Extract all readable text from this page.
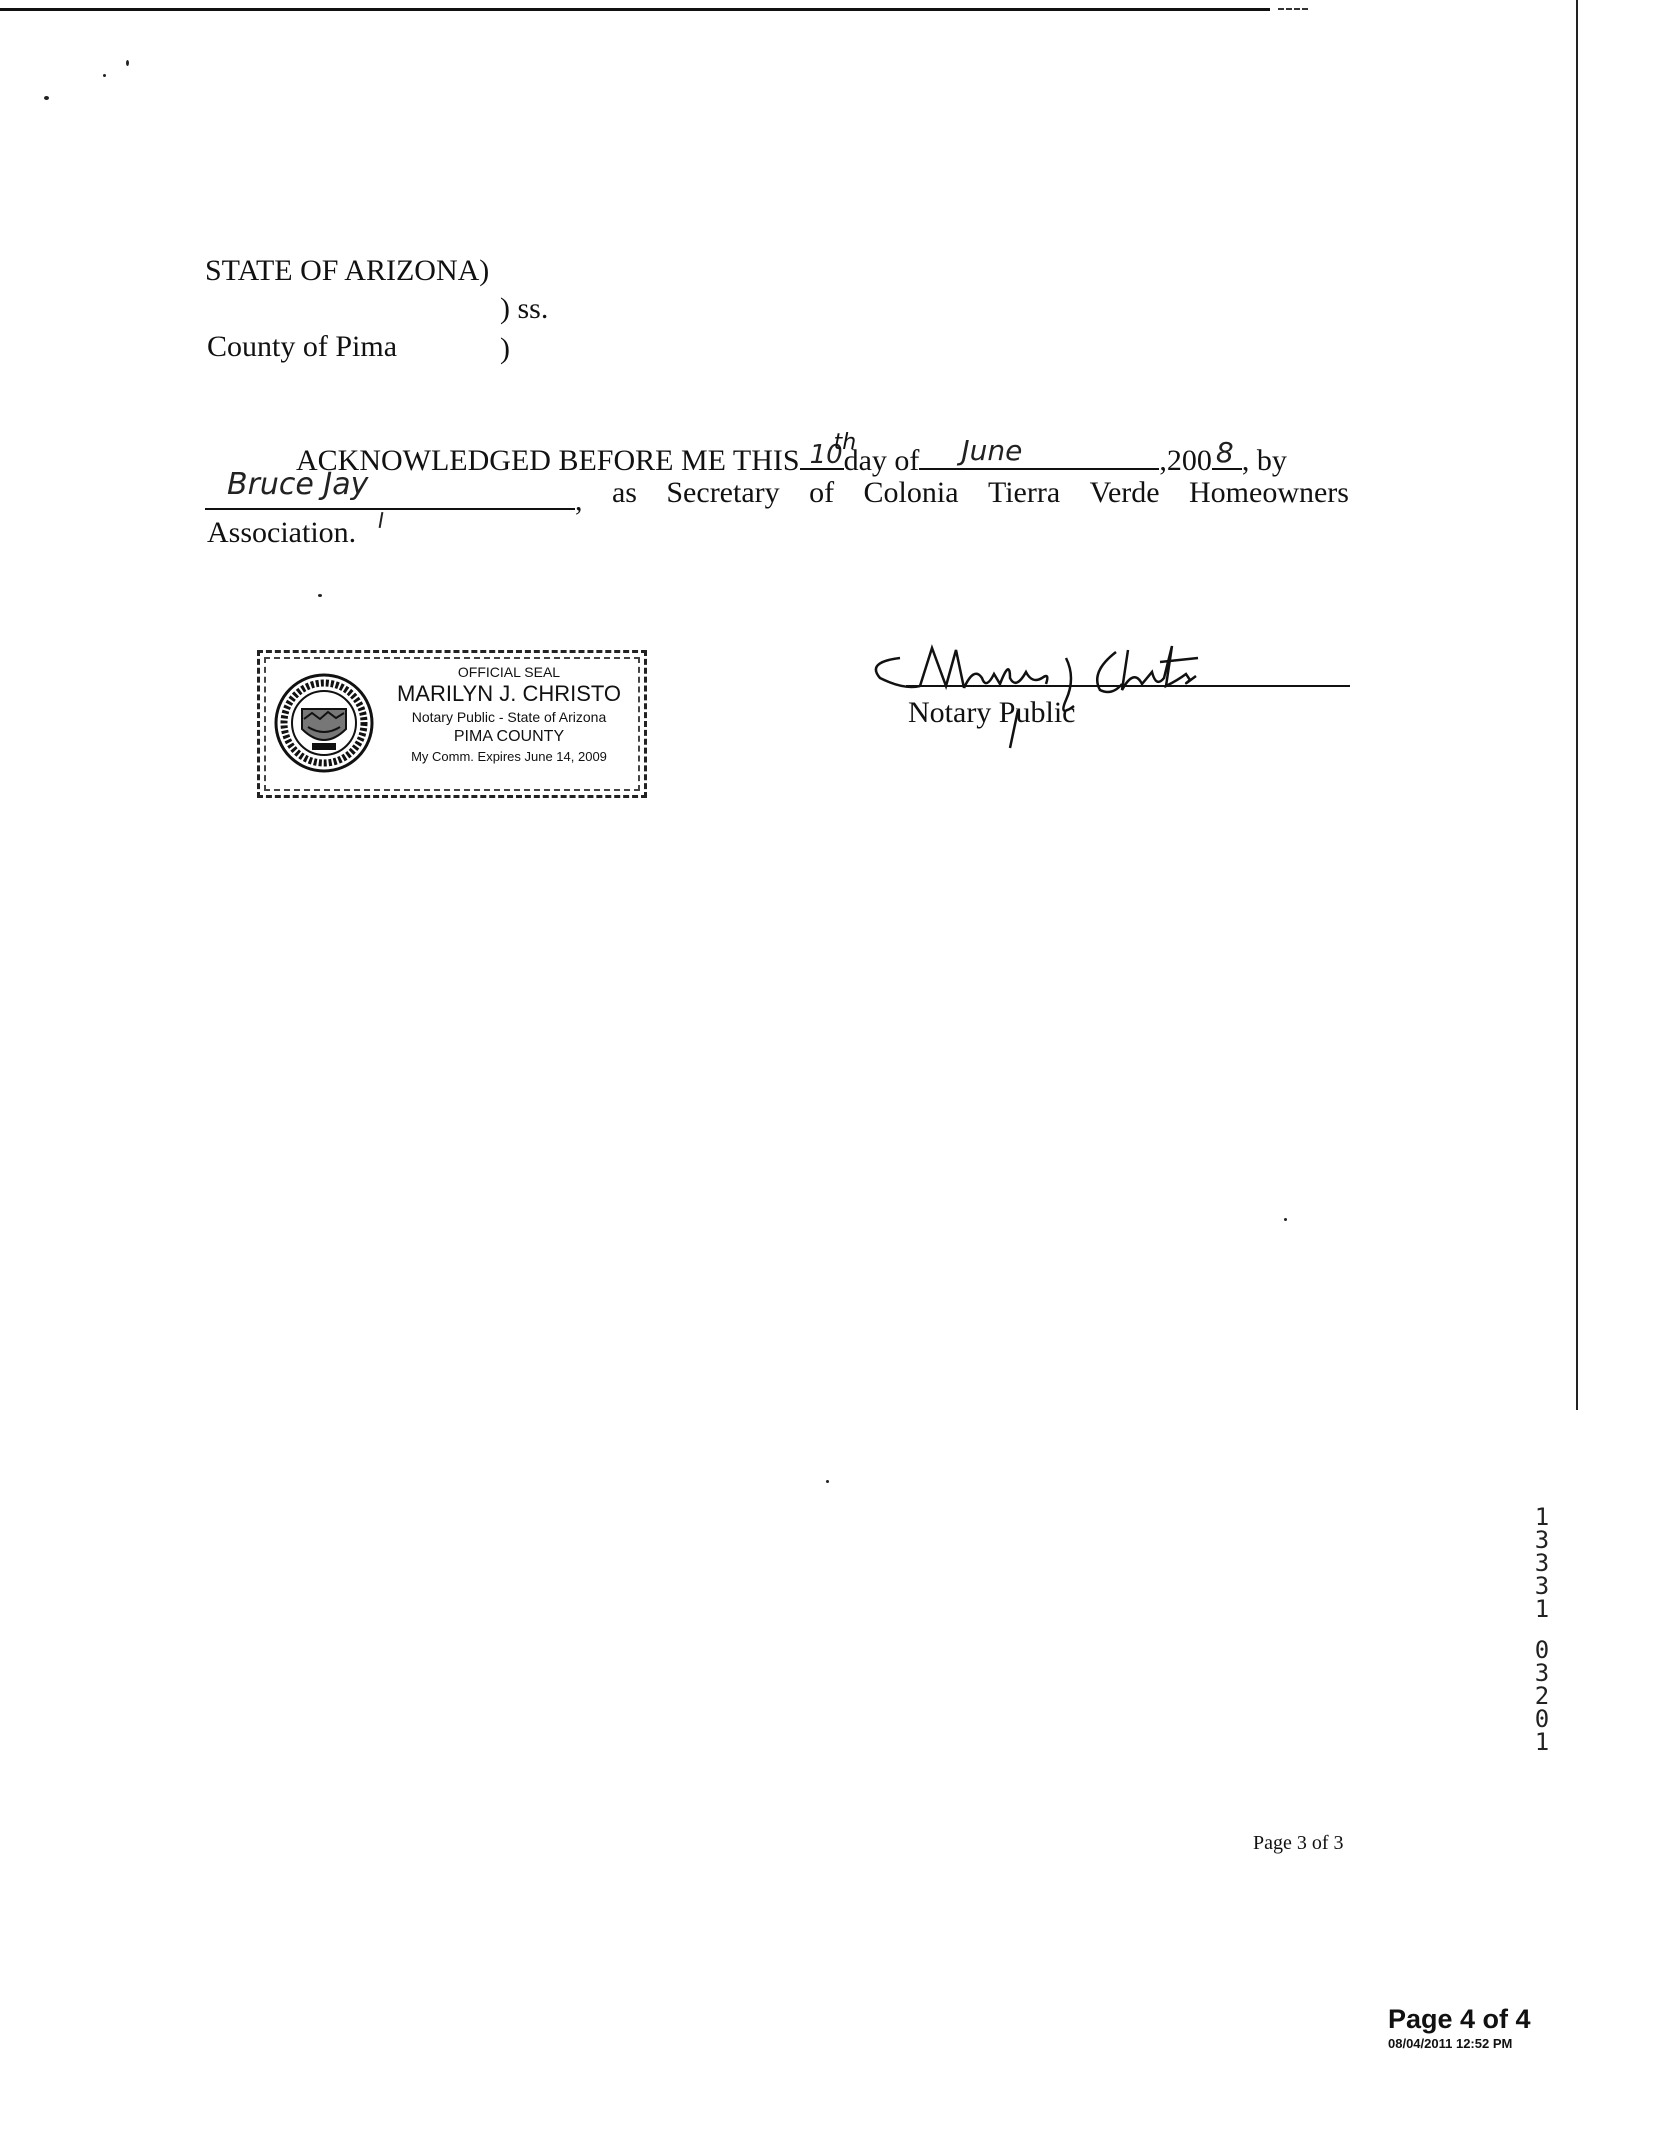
STATE OF ARIZONA)
) ss.
County of Pima	)
ACKNOWLEDGED BEFORE ME THIS 10
th
day of June	,200 8 , by
Bruce Jay	, as Secretary of Colonia Tierra Verde Homeowners
Association.
OFFICIAL SEAL
MARILYN J. CHRISTO
Notary Public - State of Arizona
PIMA COUNTY
My Comm. Expires June 14, 2009
Notary Public
1
3
3
3
1
0
3
2
0
1
Page 3 of 3
Page 4 of 4
08/04/2011 12:52 PM
